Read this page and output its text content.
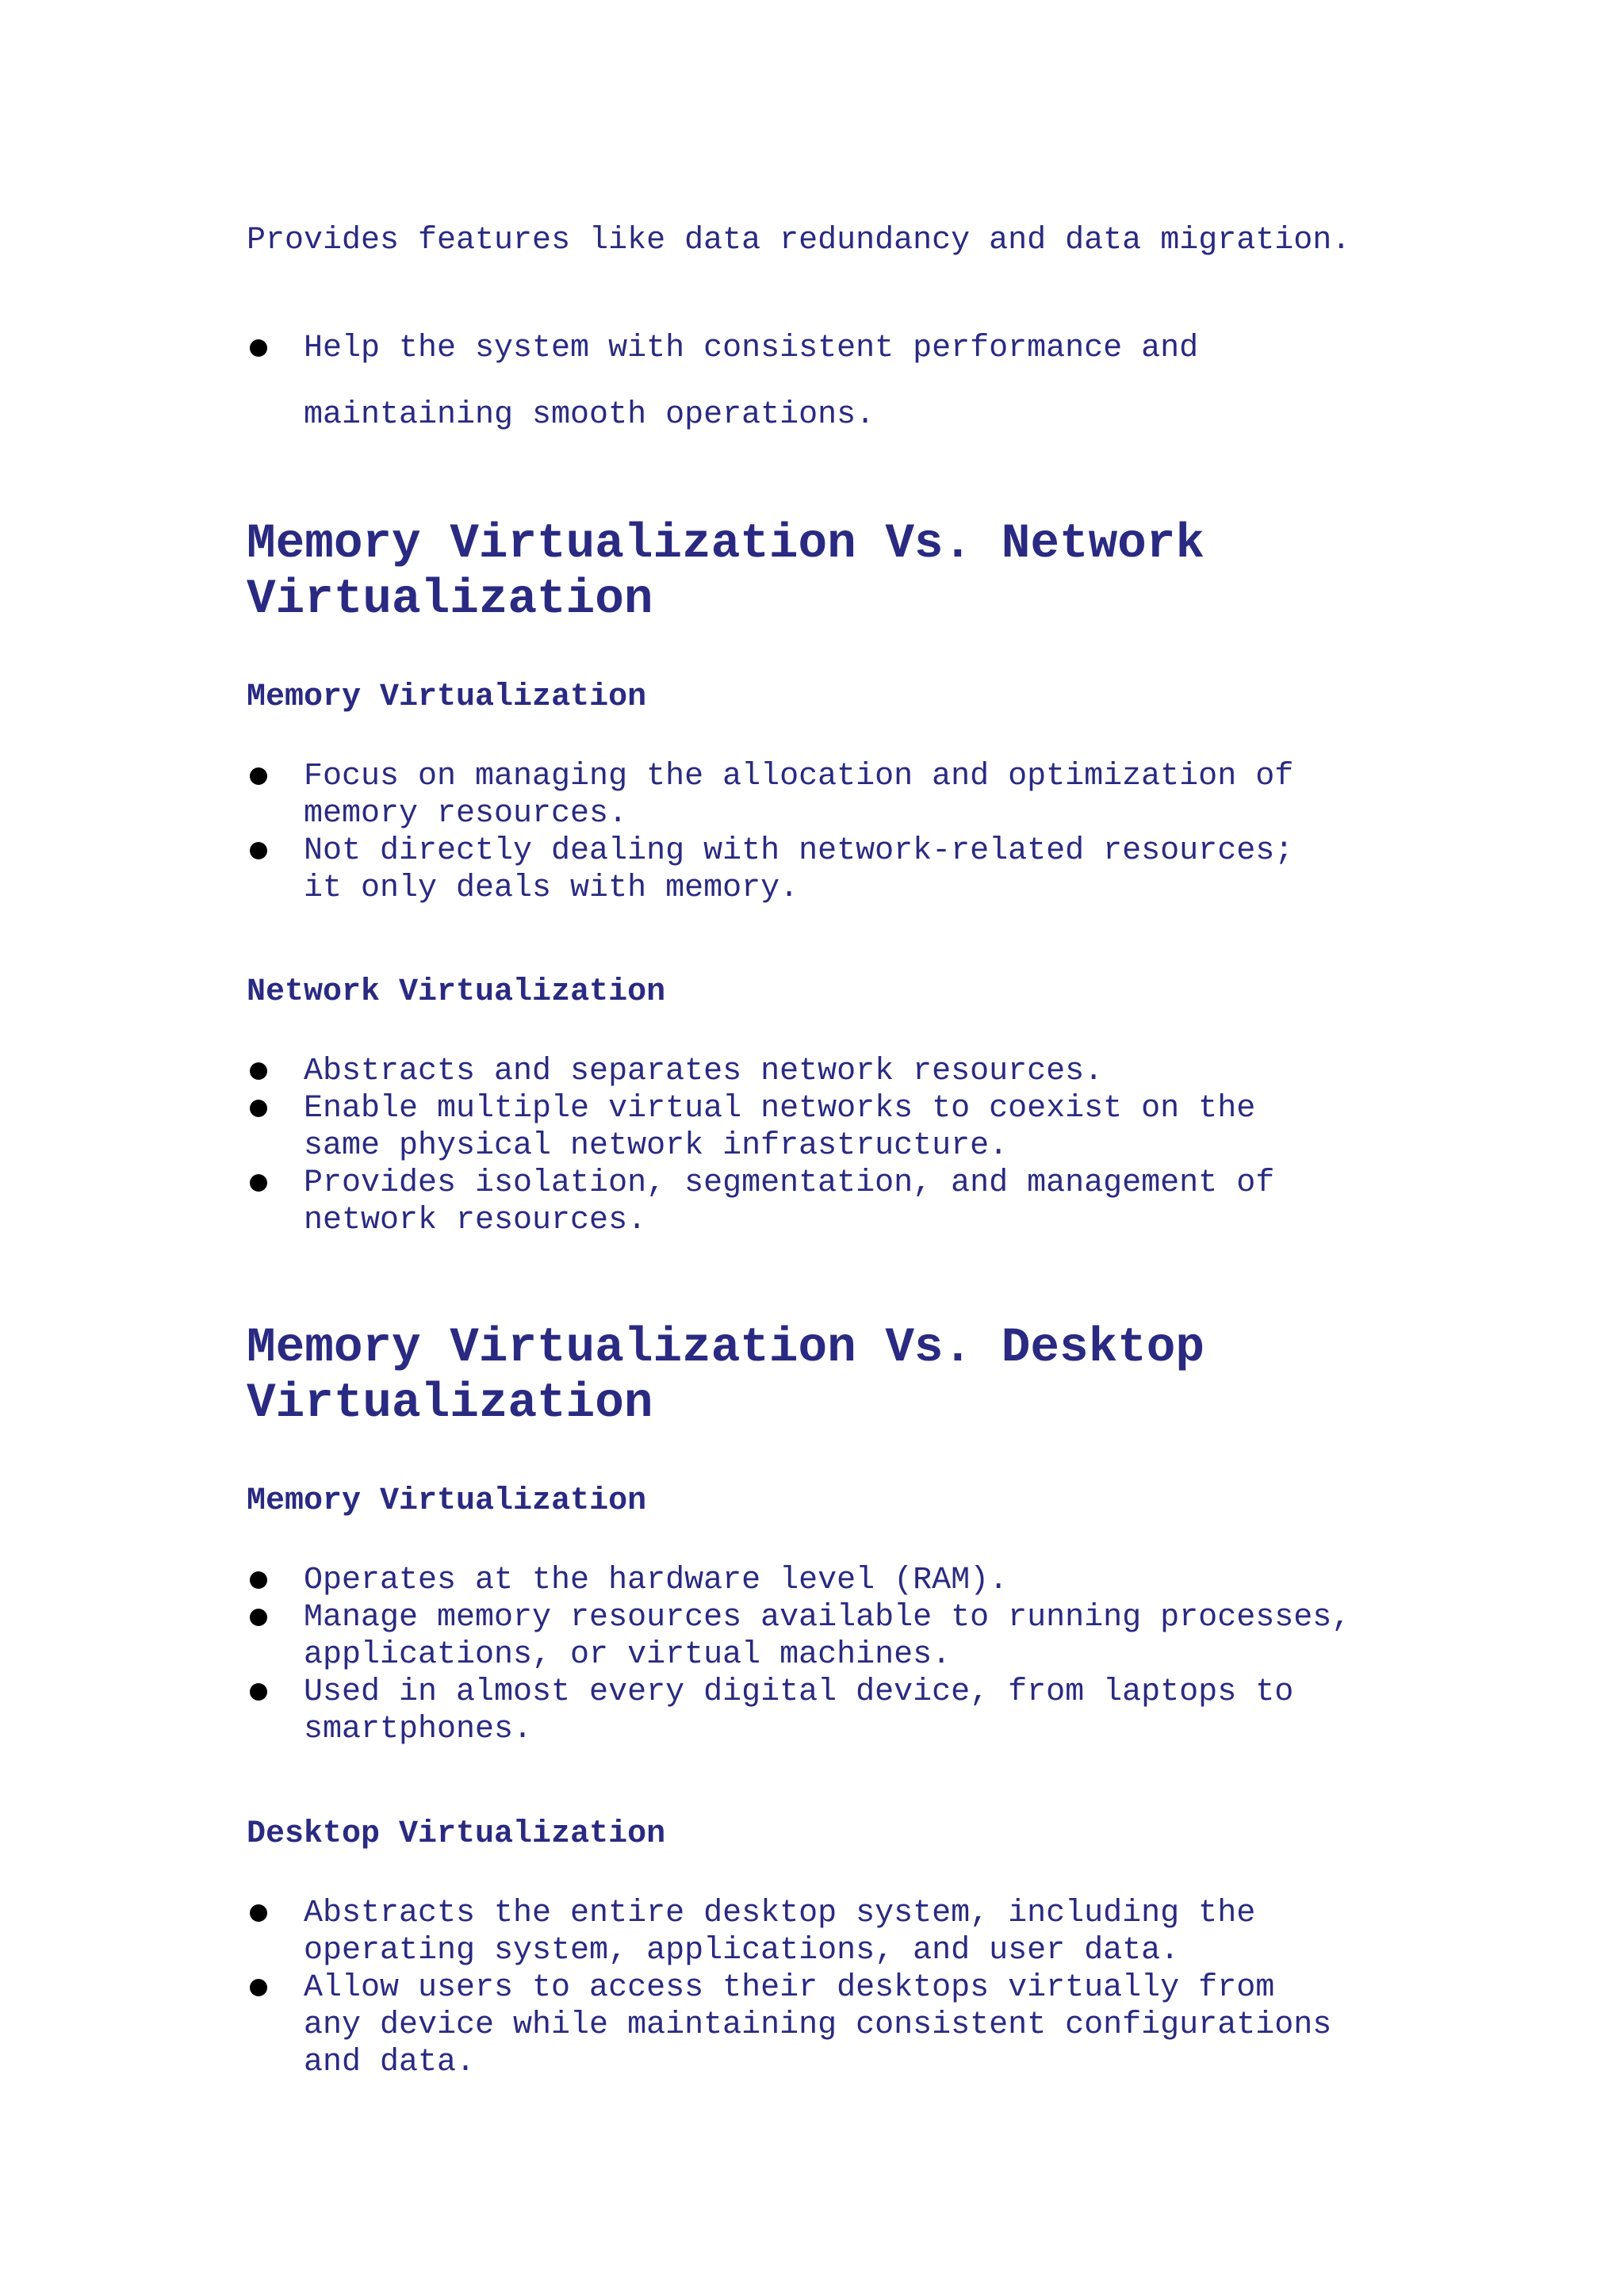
Provides features like data redundancy and data migration.
Help the system with consistent performance and
maintaining smooth operations.
Memory Virtualization Vs. Network
Virtualization
Memory Virtualization
Focus on managing the allocation and optimization of
memory resources.
Not directly dealing with network-related resources;
it only deals with memory.
Network Virtualization
Abstracts and separates network resources.
Enable multiple virtual networks to coexist on the
same physical network infrastructure.
Provides isolation, segmentation, and management of
network resources.
Memory Virtualization Vs. Desktop
Virtualization
Memory Virtualization
Operates at the hardware level (RAM).
Manage memory resources available to running processes,
applications, or virtual machines.
Used in almost every digital device, from laptops to
smartphones.
Desktop Virtualization
Abstracts the entire desktop system, including the
operating system, applications, and user data.
Allow users to access their desktops virtually from
any device while maintaining consistent configurations
and data.
